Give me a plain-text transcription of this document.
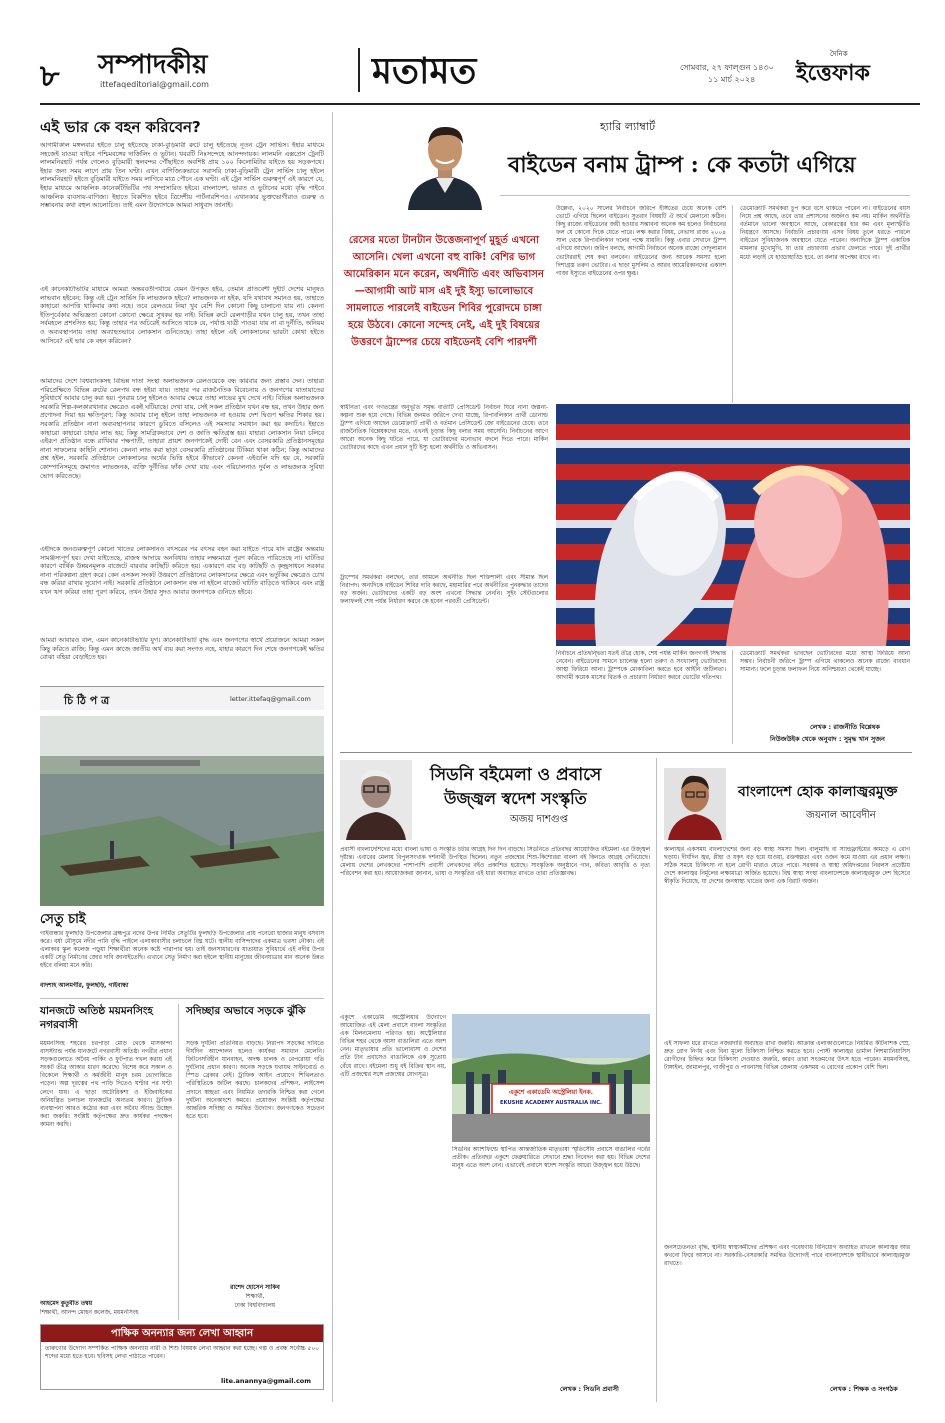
৮ সম্পাদকীয়
ittefaqeditorial@gmail.com	মতামত	সোমবার, ২৭ ফাল্গুন ১৪৩০
১১ মার্চ ২০২৪
দৈনিক
ইত্তেফাক
এই ভার কে বহন করিবেন?
আগামীকাল মঙ্গলবার হইতে চালু হইতেছে ঢাকা-বুড়িমারী রুটে চালু হইতেছে নূতন ট্রেন সার্ভিস। ইহার মাধ্যমে সহজেই যাওয়া যাইবে পশ্চিমবঙ্গের দার্জিলিং ও ভুটান। খবরটি নিঃসন্দেহে আনন্দদায়ক। লালমনি এক্সপ্রেস ট্রেনটি লালমনিরহাট পর্যন্ত গেলেও বুড়িমারী স্থলবন্দর পৌঁছাইতে অবশিষ্ট প্রায় ১০০ কিলোমিটার যাইতে হয় সড়কপথে। ইহার জন্য সময় লাগে প্রায় তিন ঘণ্টা। এখন বাণিজ্যিকভাবে সরাসরি ঢাকা-বুড়িমারী ট্রেন সার্ভিস চালু হইলে লালমনিরহাট হইতে বুড়িমারী যাইতে সময় লাগিবে মাত্র পৌনে এক ঘণ্টা। এই ট্রেন সার্ভিস গুরুত্বপূর্ণ এই কারণে যে, ইহার মাধ্যমে আঞ্চলিক কানেকটিভিটির পথ সম্প্রসারিত হইবে। বাংলাদেশ, ভারত ও ভুটানের মধ্যে বৃদ্ধি পাইবে আঞ্চলিক ব্যবসায়-বাণিজ্য। ইহাতে বিকশিত হইবে ত্রিদেশীয় পার্টনারশিপও। এখানকার ভুক্তভোগীরাও গুরুত্ব ও সম্ভাবনার কথা বহুল আলোচিত। তাই এমন উদ্যোগকে আমরা সাধুবাদ জানাই।
এই কানেকটিভিটির মাধ্যমে আমরা অন্তরবর্তীপর্যায়ে যেমন উপকৃত হইব, তেমনি প্রতিবেশী দুইটি দেশের মানুষও লাভবান হইবেন; কিন্তু এই ট্রেন সার্ভিস কি লাভজনক হইবে? লাভজনক না হইক, যদি যথাযথ সমানও হয়, তাহাতে কাহারো আপত্তি থাকিবার কথা নহে। তবে রেলওয়ে নিয়া খুব বেশি দিন কোনো কিছু চালানো যায় না। কেননা ইতিপূর্বেকার অভিজ্ঞতা কোনো কোনো ক্ষেত্রে সুখকর হয় নাই। বিভিন্ন রুটে রেলগাড়ীর যখন চালু হয়, তখন তাহা সর্বমহলে প্রশংসিত হয়; কিন্তু তাহার পর অচিরেই আসিতে থাকে যে, পর্যাপ্ত যাত্রী পাওয়া যায় না বা দুর্নীতি, অনিয়ম ও অব্যবস্থাপনায় তাহা অব্যাহতভাবে লোকসান গুনিতেছে। তাহা হইলে এই লোকসানের ভারটা কোথা হইতে আসিবে? এই ভার কে বহন করিবেন?
আমাদের দেশে বিশ্বব্যাংকসহ বিভিন্ন দাতা সংস্থা অলাভজনক রেলওয়েকে বন্ধ করিবার জন্য প্রস্তাব দেন। তাহারা পরিপ্রেক্ষিতে বিভিন্ন রুটের রেলপথ বন্ধ হইয়া যায়। তাহার পর রাজনৈতিক বিবেচনায় ও জনগণের যাতায়াতের সুবিধার্থে আবার চালু করা হয়। পুনরায় চালু হইলেও আবার ক্ষেত্রে তাহা লাভের মুখ দেখে নাই। বিভিন্ন অলাভজনক সরকারি শিল্প-কলকারখানার ক্ষেত্রেও একই ঘটিয়াছে। দেখা যায়, সেই সকল প্রতিষ্ঠান যখন বন্ধ হয়, তখন উহার জন্য প্রণোদনা দিয়া হয় ক্ষতিপূরণ; কিন্তু আবার চালু হইলে তাহা লাভজনক না হওয়ায় দেশ দ্বিগুণ ক্ষতির শিকার হয়। সরকারি প্রতিষ্ঠান নানা অব্যবস্থাপনার কারণে ডুবিতে বসিলেও এই সমস্যার সমাধান করা হয় কদাচিৎ। ইহাতে কাহারো কাহারো চাহার লাভ হয়; কিন্তু সামগ্রিকভাবে দেশ ও জাতি ক্ষতিগ্রস্ত হয়। যাহারা লোকসান নিয়া চলিবে এইরূপ প্রতিষ্ঠান বন্ধে রাখিবার পক্ষপাতী, তাহারা প্রায়শ জনগণকেই দোষী বেন এবং বেসরকারি প্রতিষ্ঠানসমূহের নানা সাফল্যের কাহিনি শোনান। কেননা লাভ করা ছাড়া বেসরকারি প্রতিষ্ঠানের টিকিয়া থাকা কঠিন; কিন্তু আমাদের প্রশ্ন হইল, সরকারি প্রতিষ্ঠানে লোকসানের অর্থের ভিত্তি হইবে কীভাবে? কেননা এইগুলি যদি হয় যে, সরকারি কোম্পানিসমূহে ক্রমাগত লাভজনক, ব্যক্তি দুর্নীতির ফাঁক দেখা যায় এবং পরিচালনাও দুর্বল ও লাভজনক সুবিধা ভোগ করিতেছে।
এইদিকে জনগুরুত্বপূর্ণ কোনো খাতের লোকসানও বৎসরের পর বৎসর বহন করা যাইতে পারে যদি রাষ্ট্রের অন্তরায় সামঞ্জস্যপূর্ণ হয়। দেখা যাইতেছে, রাজস্ব আদায়ে অনবিধায় তাহার লক্ষ্যমাত্রা পূরণ করিতে পারিতেছে না। ঘাটতির কারণে বার্ষিক উন্নয়নমূলক বাজেটে বারবার কাটছাঁট করিতে হয়। একারণে বার বড় কাটছাঁট ও কৃচ্ছ্রসাধনে সরকার নানা পরিকল্পনা গ্রহণ করে। কেন এসকল সংকট উত্তরণে প্রতিষ্ঠানের লোকসানের ক্ষেত্রে এবং ভর্তুকির ক্ষেত্রেও চোখ বন্ধ করিয়া রাখার সুযোগ নাই। সরকারি প্রতিষ্ঠানে লোকসান বন্ধ না হইলে বাজেট ঘাটতি বাড়িতে থাকিবে এবং রাষ্ট্র যখন ঋণ করিয়া তাহা পূরণ করিবে, তখন উহার সুদও আবার জনগণকে গুনিতে হইবে।
আমরা আবারও বলি, এমন কানেকটিভিটির যুগ। কানেকটিভিটি বৃদ্ধি এবং জনগণের স্বার্থে প্রয়োজনে আমরা সকল কিছু করিতে রাজি; কিন্তু এমন কাজে জাতীয় অর্থ ব্যয় করা সংগত নহে, যাহার কারণে দিন শেষে জনগণকেই ক্ষতির বোঝা বহিয়া বেড়াইতে হয়।
চি ঠি প ত্র	letter.ittefaq@gmail.com
সেতু চাই
গাইবান্ধার ফুলছড়ি উপজেলার ব্রহ্মপুত্র নদের উপর নির্মিত সেতুটির ফুলছড়ি উপজেলার প্রায় পনেরো হাজার মানুষ বসবাস করে। বর্ষা মৌসুমে নদীর পানি বৃদ্ধি পাইলে এলাকাবাসীর চলাচলে বিঘ্ন ঘটে। স্থানীয় বাসিন্দাদের একমাত্র ভরসা নৌকা। এই এলাকার স্কুল কলেজ পড়ুয়া শিক্ষার্থীরা অনেক কষ্টে পারাপার হয়। তাই জনসাধারণের যাতায়াত সুবিধার্থে এই নদীর উপর একটি সেতু নির্মাণের জোর দাবি জানাইতেছি। এখানে সেতু নির্মাণ করা হইলে স্থানীয় মানুষের জীবনযাত্রার মান অনেক উন্নত হইবে বলিয়া মনে করি।
বাদশাহ আলমগীর, ফুলছড়ি, গাইবান্ধা
যানজটে অতিষ্ঠ ময়মনসিংহ নগরবাসী
ময়মনসিংহ শহরের চরপাড়া মোড় থেকে মাসকান্দা বাসস্ট্যান্ড পর্যন্ত যানজটে নগরবাসী অতিষ্ঠ। নগরীর প্রধান সড়কগুলোতে অবৈধ পার্কিং ও ফুটপাত দখল করায় এই সংকট তীব্র আকার ধারণ করেছে। বিশেষ করে সকাল ও বিকেলে শিক্ষার্থী ও কর্মজীবী মানুষ চরম ভোগান্তিতে পড়েন। অল্প দূরত্বের পথ পাড়ি দিতেও ঘণ্টার পর ঘণ্টা লেগে যায়। এ ছাড়া অটোরিকশা ও ইজিবাইকের অনিয়ন্ত্রিত চলাচল যানজটের অন্যতম কারণ। ট্রাফিক ব্যবস্থাপনা আরও কঠোর করা এবং অবৈধ স্ট্যান্ড উচ্ছেদ করা জরুরি। সংশ্লিষ্ট কর্তৃপক্ষের দ্রুত কার্যকর পদক্ষেপ কামনা করছি।
আহমেদ কুতুবীত তম্বয়
শিক্ষার্থী, আনন্দ মোহন কলেজ, ময়মনসিংহ
সদিচ্ছার অভাবে সড়কে ঝুঁকি
সড়ক দুর্ঘটনা প্রতিনিয়ত বাড়ছে। নিরাপদ সড়কের দাবিতে দীর্ঘদিন আন্দোলন হলেও কার্যকর সমাধান মেলেনি। ফিটনেসবিহীন যানবাহন, অদক্ষ চালক ও বেপরোয়া গতি দুর্ঘটনার প্রধান কারণ। অনেক সড়কে যথাযথ সাইনবোর্ড ও স্পিড ব্রেকার নেই। ট্রাফিক আইন প্রয়োগে শিথিলতাও পরিস্থিতিকে জটিল করছে। চালকদের প্রশিক্ষণ, লাইসেন্স প্রদানে স্বচ্ছতা এবং নিয়মিত তদারকি নিশ্চিত করা গেলে দুর্ঘটনা অনেকাংশে কমবে। প্রয়োজন সংশ্লিষ্ট কর্তৃপক্ষের আন্তরিক সদিচ্ছা ও সমন্বিত উদ্যোগ। জনগণকেও সচেতন হতে হবে।
রাশেদ হোসেন সাকিব
শিক্ষার্থী,
ঢাকা বিশ্ববিদ্যালয়
পাক্ষিক অনন্যার জন্য লেখা আহ্বান
তারুণ্যের উদ্যোগ সম্পর্কিত পাক্ষিক অনন্যায় নারী ও শিশু বিষয়ক লেখা আহ্বান করা হচ্ছে। গল্প ও প্রবন্ধ সর্বোচ্চ ৫০০ শব্দের মধ্যে হতে হবে। ছবিসহ লেখা পাঠাতে পারেন।
lite.anannya@gmail.com
হ্যারি ল্যাম্বার্ট
বাইডেন বনাম ট্রাম্প : কে কতটা এগিয়ে
রেসের মতো টানটান উত্তেজনাপূর্ণ মুহূর্ত এখনো আসেনি। খেলা এখনো বহু বাকি! বেশির ভাগ আমেরিকান মনে করেন, অর্থনীতি এবং অভিবাসন—আগামী আট মাস এই দুই ইস্যু ভালোভাবে সামলাতে পারলেই বাইডেন শিবির পুরোদমে চাঙ্গা হয়ে উঠবে। কোনো সন্দেহ নেই, এই দুই বিষয়ের উত্তরণে ট্রাম্পের চেয়ে বাইডেনই বেশি পারদর্শী
উল্লেখ্য, ২০২০ সালের নির্বাচনে জরিপে ইঙ্গিতের চেয়ে অনেক বেশি ভোটে এগিয়ে ছিলেন বাইডেন। সুতরাং বিষয়টি ঐ অর্থে মেলানো কঠিন। কিছু রাজ্যে বাইডেনের জয়ী হওয়ার সম্ভাবনা অনেক কম হলেও নির্বাচনের ফল যে কোনো দিকে যেতে পারে। লক্ষ করার বিষয়, নেভাদা রাজ্য ২০০৪ সাল থেকে রিপাবলিকান দলের পক্ষে যায়নি। কিন্তু এবার সেখানে ট্রাম্প এগিয়ে আছেন। জরিপ বলছে, আগামী নির্বাচনে অনেক রাজ্যে দোদুল্যমান ভোটাররাই শেষ কথা বলবেন। বাইডেনের জন্য আরেক সমস্যা হলো দিশাগ্রস্ত তরুণ ভোটার। এ ছাড়া মুসলিম ও আরব আমেরিকানদের একাংশ গাজা ইস্যুতে বাইডেনের ওপর ক্ষুব্ধ।
ডেমোক্র্যাট সমর্থকরা চুপ করে বসে থাকতে পারেন না। বাইডেনের বয়স নিয়ে প্রশ্ন আছে, তবে তার প্রশাসনের অর্জনও কম নয়। মার্কিন অর্থনীতি বর্তমানে ভালো অবস্থানে আছে, বেকারত্বের হার কম এবং মূল্যস্ফীতি নিয়ন্ত্রণে আসছে। নির্বাচনি প্রচারণায় এসব বিষয় তুলে ধরতে পারলে বাইডেন সুবিধাজনক অবস্থানে যেতে পারেন। অন্যদিকে ট্রাম্প একাধিক মামলার মুখোমুখি, যা তার প্রচারণায় প্রভাব ফেলতে পারে। দুই প্রার্থীর মধ্যে লড়াই যে হাড্ডাহাড্ডি হবে, তা বলার অপেক্ষা রাখে না।
স্বাধীনতা এবং গণতন্ত্রের অনুভূতি সমৃদ্ধ বার্তাটি প্রেসিডেন্ট নির্বাচন ঘিরে নানা জল্পনা-কল্পনা শুরু হয়ে গেছে। বিভিন্ন জনমত জরিপে দেখা যাচ্ছে, রিপাবলিকান প্রার্থী ডোনাল্ড ট্রাম্প এগিয়ে আছেন ডেমোক্র্যাট প্রার্থী ও বর্তমান প্রেসিডেন্ট জো বাইডেনের চেয়ে। তবে রাজনৈতিক বিশ্লেষকদের মতে, এখনই চূড়ান্ত কিছু বলার সময় আসেনি। নির্বাচনের আগে আরো অনেক কিছু ঘটতে পারে, যা ভোটারদের মনোভাব বদলে দিতে পারে। মার্কিন ভোটারদের কাছে এখন প্রধান দুটি ইস্যু হলো অর্থনীতি ও অভিবাসন।
ট্রাম্পের সমর্থকরা বলছেন, তার আমলে অর্থনীতি ছিল শক্তিশালী এবং সীমান্ত ছিল নিরাপদ। অন্যদিকে বাইডেন শিবির দাবি করছে, মহামারির পরে অর্থনীতির পুনরুদ্ধার তাদের বড় অর্জন। ভোটারদের একটি বড় অংশ এখনো সিদ্ধান্ত নেননি। সুইং স্টেটগুলোর ফলাফলই শেষ পর্যন্ত নির্ধারণ করবে কে হবেন পরবর্তী প্রেসিডেন্ট।
নির্বাচনে প্রতিদ্বন্দ্বিতা যতই তীব্র হোক, শেষ পর্যন্ত মার্কিন জনগণই সিদ্ধান্ত নেবেন। বাইডেনের সামনে চ্যালেঞ্জ হলো তরুণ ও সংখ্যালঘু ভোটারদের আস্থা ফিরিয়ে আনা। ট্রাম্পকে মোকাবিলা করতে হবে আইনি জটিলতা। আগামী কয়েক মাসের বিতর্ক ও প্রচারণা নির্ধারণ করবে ভোটের গতিপথ।
ডেমোক্র্যাট সমর্থকরা ভাবছেন ভোটারদের মধ্যে আস্থা ফিরিয়ে আনা সম্ভব। নির্বাচনী জরিপে ট্রাম্প এগিয়ে থাকলেও অনেক রাজ্যে ব্যবধান সামান্য। ফলে চূড়ান্ত ফলাফল নিয়ে অনিশ্চয়তা থেকেই যাচ্ছে।
লেখক : রাজনীতি বিশ্লেষক
নিউজউইক থেকে অনুবাদ : সুমৃদ্ধ খান সুজন
সিডনি বইমেলা ও প্রবাসে
উজ্জ্বল স্বদেশ সংস্কৃতি
অজয় দাশগুপ্ত
প্রবাসী বাংলাদেশিদের মধ্যে বাংলা ভাষা ও সংস্কৃতি চর্চার আগ্রহ দিন দিন বাড়ছে। সিডনিতে প্রতিবছর আয়োজিত বইমেলা এর উজ্জ্বল দৃষ্টান্ত। এবারের মেলায় বিপুলসংখ্যক দর্শনার্থী উপস্থিত ছিলেন। নতুন প্রজন্মের শিশু-কিশোররা বাংলা বই কিনতে আগ্রহ দেখিয়েছে। মেলায় দেশের লেখকদের পাশাপাশি প্রবাসী লেখকদের বইও প্রকাশিত হয়েছে। সাংস্কৃতিক অনুষ্ঠানে গান, কবিতা আবৃত্তি ও নৃত্য পরিবেশন করা হয়। আয়োজকরা জানান, ভাষা ও সংস্কৃতির এই ধারা অব্যাহত রাখতে তারা প্রতিজ্ঞাবদ্ধ।
একুশে একাডেমি অস্ট্রেলিয়ার উদ্যোগে আয়োজিত এই মেলা প্রবাসে বাংলা সংস্কৃতির এক মিলনমেলায় পরিণত হয়। অস্ট্রেলিয়ার বিভিন্ন শহর থেকে আসা বাঙালিরা এতে অংশ নেন। মাতৃভাষার প্রতি ভালোবাসা ও দেশের প্রতি টান প্রবাসেও বাঙালিকে এক সুতোয় বেঁধে রাখে। বইমেলা শুধু বই বিক্রির স্থান নয়, এটি প্রজন্মের সঙ্গে প্রজন্মের যোগসূত্র।
একুশে একাডেমি অস্ট্রেলিয়া ইনক.
EKUSHE ACADEMY AUSTRALIA INC.
সিডনির অ্যাশফিল্ডে স্থাপিত আন্তর্জাতিক মাতৃভাষা স্মৃতিসৌধ প্রবাসে বাঙালির গর্বের প্রতীক। প্রতিবছর একুশে ফেব্রুয়ারিতে সেখানে শ্রদ্ধা নিবেদন করা হয়। বিভিন্ন দেশের মানুষ এতে অংশ নেন। এভাবেই প্রবাসে স্বদেশ সংস্কৃতি আরো উজ্জ্বল হয়ে উঠছে।
লেখক : সিডনি প্রবাসী
বাংলাদেশ হোক কালাজ্বরমুক্ত
জয়নাল আবেদীন
কালাজ্বর একসময় বাংলাদেশের জন্য বড় স্বাস্থ্য সমস্যা ছিল। বালুমাছি বা স্যান্ডফ্লাইয়ের কামড়ে এ রোগ ছড়ায়। দীর্ঘদিন জ্বর, প্লীহা ও যকৃৎ বড় হয়ে যাওয়া, রক্তস্বল্পতা এবং ওজন কমে যাওয়া এর প্রধান লক্ষণ। সঠিক সময়ে চিকিৎসা না হলে রোগী মারাও যেতে পারে। সরকার ও স্বাস্থ্য অধিদপ্তরের নিরলস প্রচেষ্টায় দেশে কালাজ্বর নির্মূলের লক্ষ্যমাত্রা অর্জিত হয়েছে। বিশ্ব স্বাস্থ্য সংস্থা বাংলাদেশকে কালাজ্বরমুক্ত দেশ হিসেবে স্বীকৃতি দিয়েছে, যা দেশের জনস্বাস্থ্য খাতের জন্য এক বিরাট অর্জন।
এই সাফল্য ধরে রাখতে নজরদারি অব্যাহত রাখা জরুরি। আক্রান্ত এলাকাগুলোতে নিয়মিত কীটনাশক স্প্রে, দ্রুত রোগ নির্ণয় এবং বিনা মূল্যে চিকিৎসা নিশ্চিত করতে হবে। পোস্ট কালাজ্বর ডার্মাল লিশম্যানিয়াসিস রোগীদের চিহ্নিত করে চিকিৎসা দেওয়াও জরুরি, কারণ তারা সংক্রমণের উৎস হতে পারেন। ময়মনসিংহ, টাঙ্গাইল, জামালপুর, গাজীপুর ও পাবনাসহ বিভিন্ন জেলায় একসময় এ রোগের প্রকোপ বেশি ছিল।
জনসচেতনতা বৃদ্ধি, স্থানীয় স্বাস্থ্যকর্মীদের প্রশিক্ষণ এবং গবেষণায় বিনিয়োগ অব্যাহত রাখলে কালাজ্বর আর কখনো ফিরে আসবে না। সরকারি-বেসরকারি সমন্বিত উদ্যোগই পারে বাংলাদেশকে স্থায়ীভাবে কালাজ্বরমুক্ত রাখতে।
লেখক : শিক্ষক ও সংগঠক
